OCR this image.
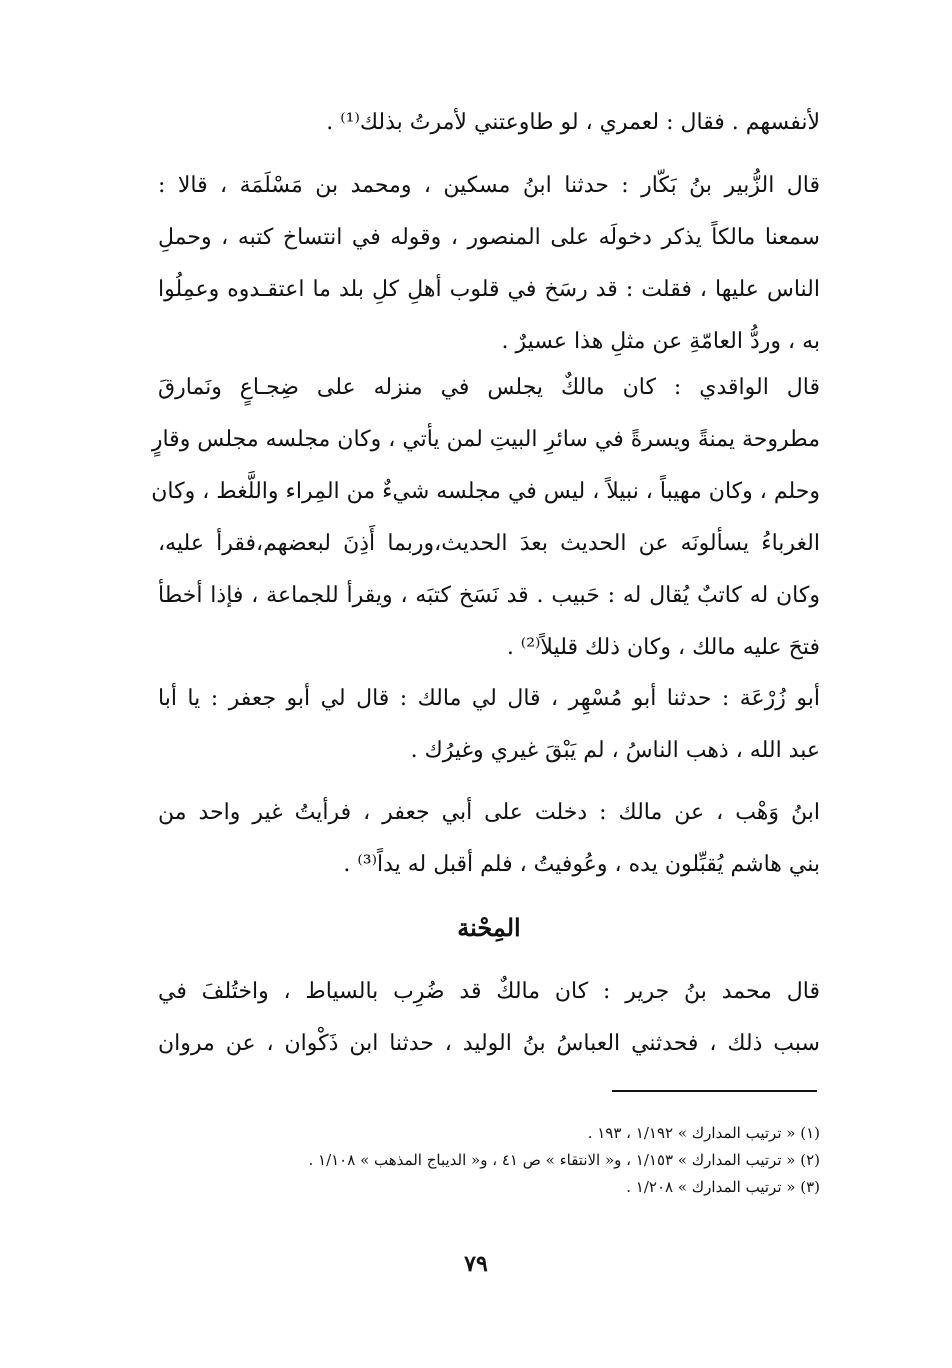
لأنفسهم . فقال : لعمري ، لو طاوعتني لأمرتُ بذلك⁽¹⁾ .
قال الزُّبير بنُ بَكّار : حدثنا ابنُ مسكين ، ومحمد بن مَسْلَمَة ، قالا :
سمعنا مالكاً يذكر دخولَه على المنصور ، وقوله في انتساخ كتبه ، وحملِ
الناس عليها ، فقلت : قد رسَخ في قلوب أهلِ كلِ بلد ما اعتقـدوه وعمِلُوا
به ، وردُّ العامّةِ عن مثلِ هذا عسيرٌ .
قال الواقدي : كان مالكٌ يجلس في منزله على ضِجـاعٍ ونَمارقَ
مطروحة يمنةً ويسرةً في سائرِ البيتِ لمن يأتي ، وكان مجلسه مجلس وقارٍ
وحلم ، وكان مهيباً ، نبيلاً ، ليس في مجلسه شيءٌ من المِراء واللَّغط ، وكان
الغرباءُ يسألونَه عن الحديث بعدَ الحديث،وربما أَذِنَ لبعضهم،فقرأ عليه،
وكان له كاتبٌ يُقال له : حَبيب . قد نَسَخ كتبَه ، ويقرأ للجماعة ، فإذا أخطأ
فتحَ عليه مالك ، وكان ذلك قليلاً⁽²⁾ .
أبو زُرْعَة : حدثنا أبو مُسْهِر ، قال لي مالك : قال لي أبو جعفر : يا أبا
عبد الله ، ذهب الناسُ ، لم يَبْقَ غيري وغيرُك .
ابنُ وَهْب ، عن مالك : دخلت على أبي جعفر ، فرأيتُ غير واحد من
بني هاشم يُقبِّلون يده ، وعُوفيتُ ، فلم أقبل له يداً⁽³⁾ .
المِحْنة
قال محمد بنُ جرير : كان مالكٌ قد ضُرِب بالسياط ، واختُلفَ في
سبب ذلك ، فحدثني العباسُ بنُ الوليد ، حدثنا ابن ذَكْوان ، عن مروان
(١) « ترتيب المدارك » ١/١٩٢ ، ١٩٣ .
(٢) « ترتيب المدارك » ١/١٥٣ ، و« الانتقاء » ص ٤١ ، و« الديباج المذهب » ١/١٠٨ .
(٣) « ترتيب المدارك » ١/٢٠٨ .
٧٩
